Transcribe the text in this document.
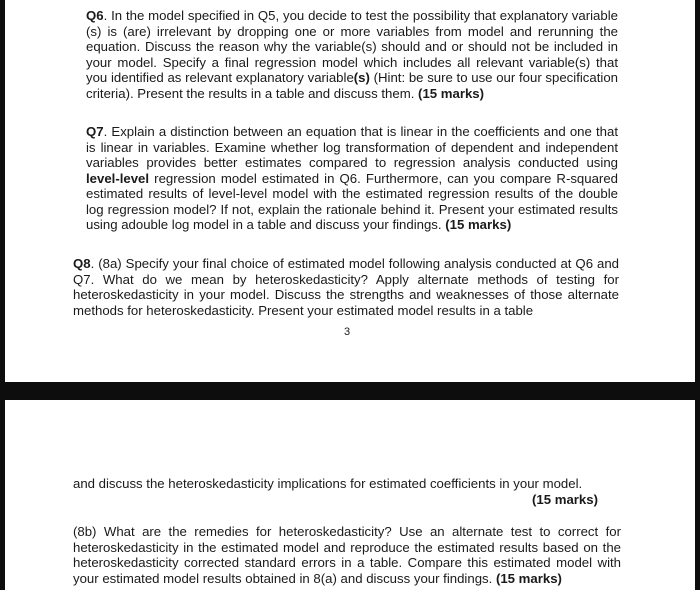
Q6. In the model specified in Q5, you decide to test the possibility that explanatory variable (s) is (are) irrelevant by dropping one or more variables from model and rerunning the equation. Discuss the reason why the variable(s) should and or should not be included in your model. Specify a final regression model which includes all relevant variable(s) that you identified as relevant explanatory variable(s) (Hint: be sure to use our four specification criteria). Present the results in a table and discuss them. (15 marks)

Q7. Explain a distinction between an equation that is linear in the coefficients and one that is linear in variables. Examine whether log transformation of dependent and independent variables provides better estimates compared to regression analysis conducted using level-level regression model estimated in Q6. Furthermore, can you compare R-squared estimated results of level-level model with the estimated regression results of the double log regression model? If not, explain the rationale behind it. Present your estimated results using adouble log model in a table and discuss your findings. (15 marks)

Q8. (8a) Specify your final choice of estimated model following analysis conducted at Q6 and Q7. What do we mean by heteroskedasticity? Apply alternate methods of testing for heteroskedasticity in your model. Discuss the strengths and weaknesses of those alternate methods for heteroskedasticity. Present your estimated model results in a table

3

and discuss the heteroskedasticity implications for estimated coefficients in your model.

(15 marks)

(8b) What are the remedies for heteroskedasticity? Use an alternate test to correct for heteroskedasticity in the estimated model and reproduce the estimated results based on the heteroskedasticity corrected standard errors in a table. Compare this estimated model with your estimated model results obtained in 8(a) and discuss your findings. (15 marks)
